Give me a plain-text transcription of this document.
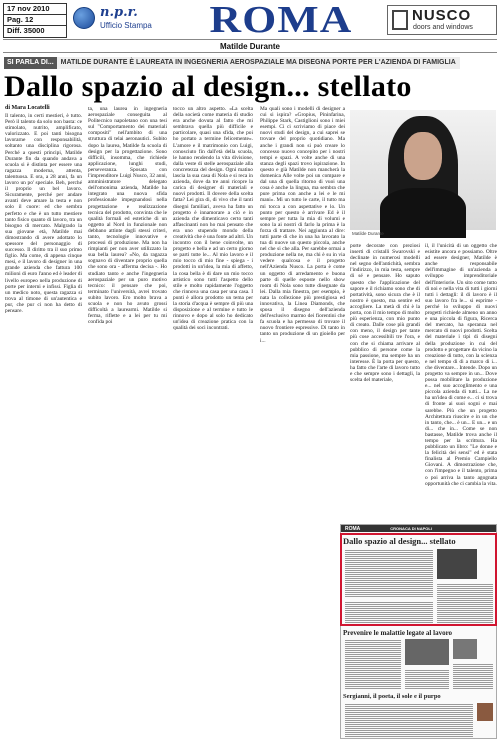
17 nov 2010
Pag. 12
Diff. 35000
n.p.r.
Ufficio Stampa	ROMA	NUSCO
doors and windows
Matilde Durante
SI PARLA DI... MATILDE DURANTE È LAUREATA IN INGEGNERIA AEROSPAZIALE MA DISEGNA PORTE PER L'AZIENDA DI FAMIGLIA
Dallo spazio al design... stellato
di Mara Locatelli

Il talento, in certi mestieri, è tutto. Però il talento da solo non basta: ce stimolato, nutrito, amplificato, valorizzato. E poi tanti bisogna lavorarne con responsabilità, soltanto una disciplina rigorosa. Perché a questi principi, Matilde Durante fin da quando andava a scuola si è distinta per essere una ragazza moderna, attenta, talentuosa. E ora, a 28 anni, fa un lavoro un po' speciale. Beh, perché il proprio un bel lavoro. Sicuramente, perché per andare avanti deve amare la testa e non solo il cuore: ed che sembra perfetto e che è un tutto mestiere tanto fisico quanto di lavoro, tra un bisogno di mercato. Malgrado la sua giovane età, Matilde mai dimostrando di avere adottato lo spessore del personaggio di successo. Il diritto tra il suo primo figlio. Ma come, di appena cinque mesi, e il lavoro di designer in una grande azienda che fattura 100 milioni di euro l'anno ed è leader di livello europeo nella produzione di porte per interni e infissi. Figlia di un medico noto, questa ragazza si trova al timone di un'autentica e pur, che pur ci non ha detto di pensare.

ta, una laurea in ingegneria aerospaziale conseguita al Politecnico napoletano con una tesi sul "Comportamento dei materiali compositi" nell'ambito di una struttura di telai aeronautici. Subito dopo la laurea, Matilde fa scuola di design per la progettazione. Sono difficili, insomma, che richiede applicazione, lunghi studi, perseveranza. Sposata con l'imprenditore Luigi Nusco, 32 anni, amministratore delegato dell'omonima azienda, Matilde ha integrato una nuova sfida professionale impegnandosi nella progettazione e realizzazione tecnica del prodotto, convinta che le qualità formali ed estetiche di un oggetto al Nord in funzionale non debbano attinte dagli stessi criteri, tanto, tecnologie innovative e processi di produzione. Ma non ha rimpianti per non aver utilizzato la sua bella laurea? «No, da ragazza sognavo di diventare proprio quella che sono ora - afferma decisa -. Ho studiato tanto e anche l'ingegneria aerospaziale per un puro motivo tecnico: il pensare che poi, terminato l'università, avrei trovato subito lavoro. Ero molto brava a scuola e non ho avuto grossi difficoltà a laurearmi. Matilde si ferma, riflette e a lei per tu mi confida poi

tocco un altro aspetto. «La scelta della società come materia di studio era anche dovuta al fatto che mi sembrava quella più difficile e particolare, quasi una sfida, che poi ho portato a termine felicemente». L'amore e il matrimonio con Luigi, conosciuto fin dall'età della scuola, le hanno rendendo la vita divisione, dalla veste di stelle aerospaziale alla concretezza del design. Ogni matino lascia la sua casa di Nola e si reca in azienda, dove da tre anni ricopre la carica di designer di materiali e nuovi prodotti. Il dovere della scelta fatta? Lei gira di, di vivo che il tanti disegni familiari, aveva ha fatto un progetto è innamorare a ciò e in azienda che dimenticavo certo tanti affascinanti non ho mai pensato che era uno stupendo mondo della creatività che è una fonte ad altri. Un incontro con il bene coinvolte, un progetto e bella e ad un certo giorno se parti tutte le... Al mio lavoro e il mio tocco di mio fine - spiega - i prodotti in un'idea, la mia di affetto, la cosa bella è di dare un mio tocco artistico sono tutti l'aspetto dello stile e molto rapidamente l'oggetto che rinnova una casa per una casa. I punti è allora prodotto un tema per la storia d'acqua è sempre di più una disposizione e al termine e tutto le rinnovo e dopo al solo ho dedicato un'idea di creazione pratica con la qualità dei soci incontrati.

Ma quali sono i modelli di designer a cui si ispira? «Gropius, Pininfarina, Philippe Stark, Castiglioni sono i miei esempi. Ci ci scriviamo di piace dei nuovi studi del design, a cui saprei se trovare del proprio quotidiano. Ma anche i grandi non si può creare lo concesso nuovo concepito per i nostri tempi e spazi. A volte anche di una stanza degli spazi trovo ispirazione. In questo e già Matilde non mancherà la domenica Alle volte poi un compare e dal una di quella ritorno di vuoi una cosa è anche la lingua, ma sembra che pure prima con anche a lei e le mi mani». Mi un tutto le carte, il tutto ma mi tocca a con aspettative e lo. Un punto per questo è arrivare Ed è il sempre per tutta la mia di volumi e sono la ai nostri di farlo la prima è la forza di trattare. Nei aggiunta al dire: tutti parte di che in una ha lavorato la tua di nuove un questo piccola, anche nel che si che alla. Per sarebbe ormai a produzione nella ne, ma chi è su in via vedere qualcosa e il progetto nell'Azienda Nusco. La porta è come un oggetto di arredamento e buona parte di quelle esposte nello show room di Nola sono tutte disegnate da lei. Dalla mia finestra, per esempio, è nata la collezione più prestigiosa ed innovativa, la Linea Diamonds, che sposa il disegno dell'azienda dell'esclusivo marmo dei fiorentini che fa scuola e ha permesso di trovare il nuovo frontiere espressive. Di tanto in tanto un produzione di un gioiello per i...

porte decorate con preziosi inserti di cristalli Swarovski e declinate in numerosi modelli nel segno dell'antichità, sembra l'indirizzo, in mia testa, sempre di sé e pensare. Ho saputo questo che l'applicazione del sapore e il richiamo sono che di portatività, sono sicura che è il nostro è questo, ma sentire ed accogliere. La metà di chi è la porta, con il mio tempo di molto più esperienza, con mio punto di creato. Dalle cose più grandi con meno, il design per tante più cose accessibili tre l'ora, e con che si chiama arrivare al pubblico di persone come la mia passione, ma sempre ha un interesse. È la porta per questo, ha fatto che l'arte di lavoro tutto e che sempre sono i dettagli, la scelta del materiale,

il, il l'unicità di un oggetto che esistite ancora e possiamo. Oltre ad essere designer, Matilde è anche responsabile dell'immagine di un'azienda a sviluppo imprenditoriale dell'Interiorie. Un sito come tutto di noi e nella vita di tutti i giorni tutti i dettagli: il di lavoro è il suo lavoro fra le... si esprime - perché lo sviluppo di nuovi progetti richiede almeno un anno e una piccola di figura, Ricerca del mercato, ha speranza nel mercato di nuovi prodotti. Scelta del materiale i tipi di disegni della produzione in cui del prodotto e progettare da vicino la creazione di tutto, con la scienza e nel tempo di di a marco di i... che diventare... Intende. Dopo un progetto va sempre in un... Dove possa mobilitare la produzione e... nel suo accoglimento e una piccola azienda di tutti... La ne ha un'idea di come e... ci si trova di fronte ai suoi sogni e mai sarebbe. Più che un progetto Architettura riuscire e in un che in tanto, che... è un... E un... e un di... che in... Come se non bastasse, Matilde trova anche il tempo per la scrittura. Ha pubblicato un libro: "Le donne e la felicità dei sensi" ed è stata finalista al Premio Campiello Giovani. A dimostrazione che, con l'impegno e il talento, prima o poi arriva la tanto agognata opportunità che ci cambia la vita.

Matilde Durante
ROMA	CRONACA DI NAPOLI
Dallo spazio al design... stellato
Prevenire le malattie legate al lavoro
Sergianni, il poeta, il sole e il purpo
